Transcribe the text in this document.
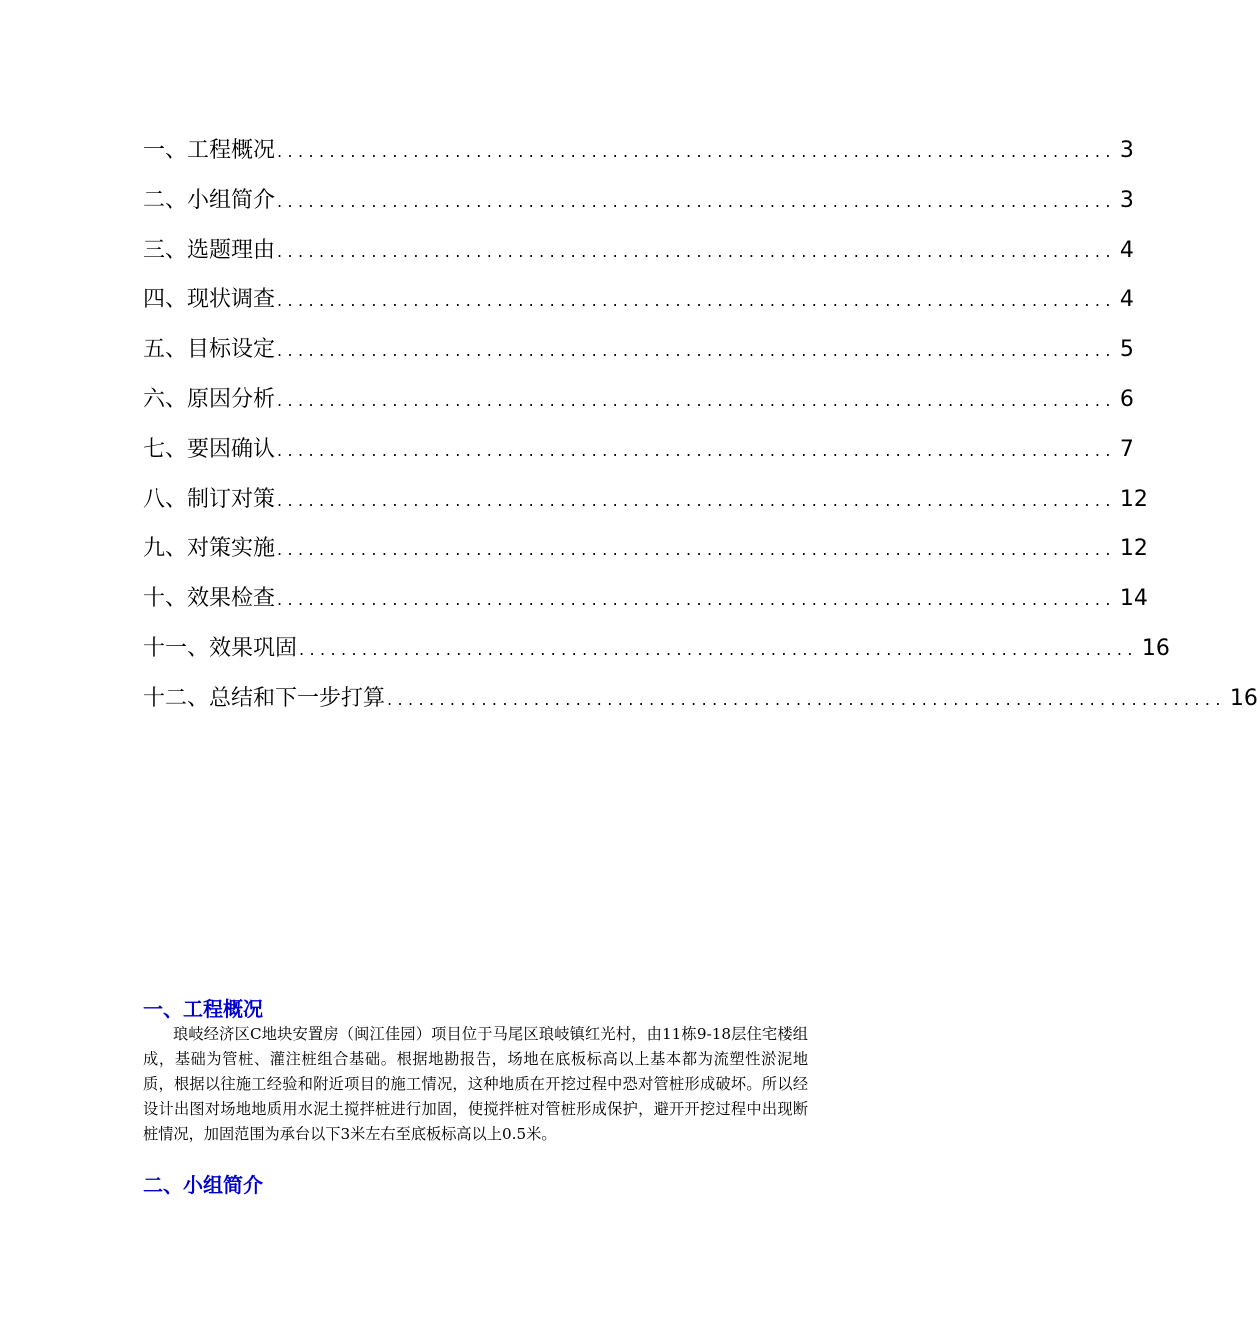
一、工程概况 ................................................................................ 3
二、小组简介 ................................................................................ 3
三、选题理由 ................................................................................ 4
四、现状调查 ................................................................................ 4
五、目标设定 ................................................................................ 5
六、原因分析 ................................................................................ 6
七、要因确认 ................................................................................ 7
八、制订对策 ................................................................................ 12
九、对策实施 ................................................................................ 12
十、效果检查 ................................................................................ 14
十一、效果巩固 ................................................................................ 16
十二、总结和下一步打算 ................................................................................ 16
一、工程概况

琅岐经济区C地块安置房（闽江佳园）项目位于马尾区琅岐镇红光村，由11栋9-18层住宅楼组成，基础为管桩、灌注桩组合基础。根据地勘报告，场地在底板标高以上基本都为流塑性淤泥地质，根据以往施工经验和附近项目的施工情况，这种地质在开挖过程中恐对管桩形成破坏。所以经设计出图对场地地质用水泥土搅拌桩进行加固，使搅拌桩对管桩形成保护，避开开挖过程中出现断桩情况，加固范围为承台以下3米左右至底板标高以上0.5米。

二、小组简介
